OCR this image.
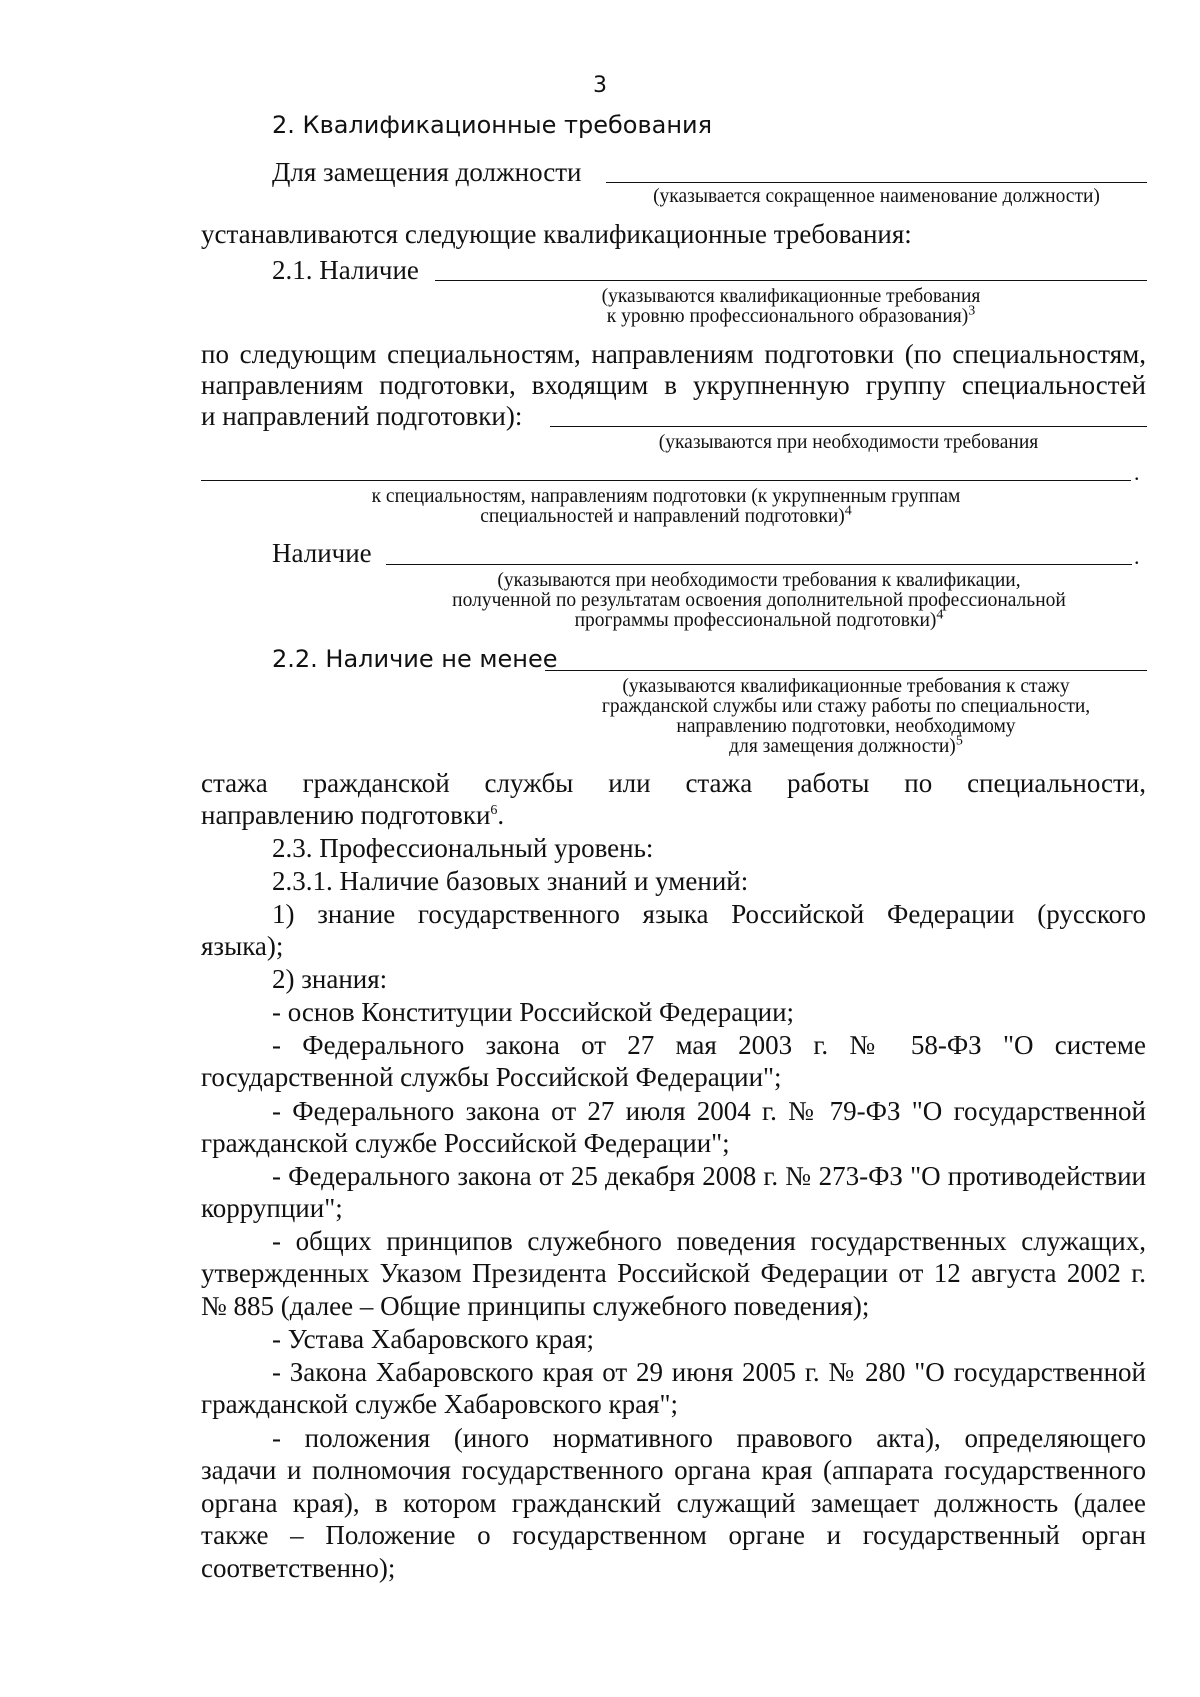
3
2. Квалификационные требования
Для замещения должности
(указывается сокращенное наименование должности)
устанавливаются следующие квалификационные требования:
2.1. Наличие
(указываются квалификационные требования
к уровню профессионального образования)$^3$
по следующим специальностям, направлениям подготовки (по специальностям,
направлениям подготовки, входящим в укрупненную группу специальностей
и направлений подготовки):
(указываются при необходимости требования
.
к специальностям, направлениям подготовки (к укрупненным группам
специальностей и направлений подготовки)$^4$
Наличие	.
(указываются при необходимости требования к квалификации,
полученной по результатам освоения дополнительной профессиональной
программы профессиональной подготовки)$^4$
2.2. Наличие не менее
(указываются квалификационные требования к стажу
гражданской службы или стажу работы по специальности,
направлению подготовки, необходимому
для замещения должности)$^5$
стажа гражданской службы или стажа работы по специальности,
направлению подготовки$^6$.
2.3. Профессиональный уровень:
2.3.1. Наличие базовых знаний и умений:
1) знание государственного языка Российской Федерации (русского
языка);
2) знания:
- основ Конституции Российской Федерации;
- Федерального закона от 27 мая 2003 г. № 58-ФЗ "О системе
государственной службы Российской Федерации";
- Федерального закона от 27 июля 2004 г. № 79-ФЗ "О государственной
гражданской службе Российской Федерации";
- Федерального закона от 25 декабря 2008 г. № 273-ФЗ "О противодействии
коррупции";
- общих принципов служебного поведения государственных служащих,
утвержденных Указом Президента Российской Федерации от 12 августа 2002 г.
№ 885 (далее – Общие принципы служебного поведения);
- Устава Хабаровского края;
- Закона Хабаровского края от 29 июня 2005 г. № 280 "О государственной
гражданской службе Хабаровского края";
- положения (иного нормативного правового акта), определяющего
задачи и полномочия государственного органа края (аппарата государственного
органа края), в котором гражданский служащий замещает должность (далее
также – Положение о государственном органе и государственный орган
соответственно);
